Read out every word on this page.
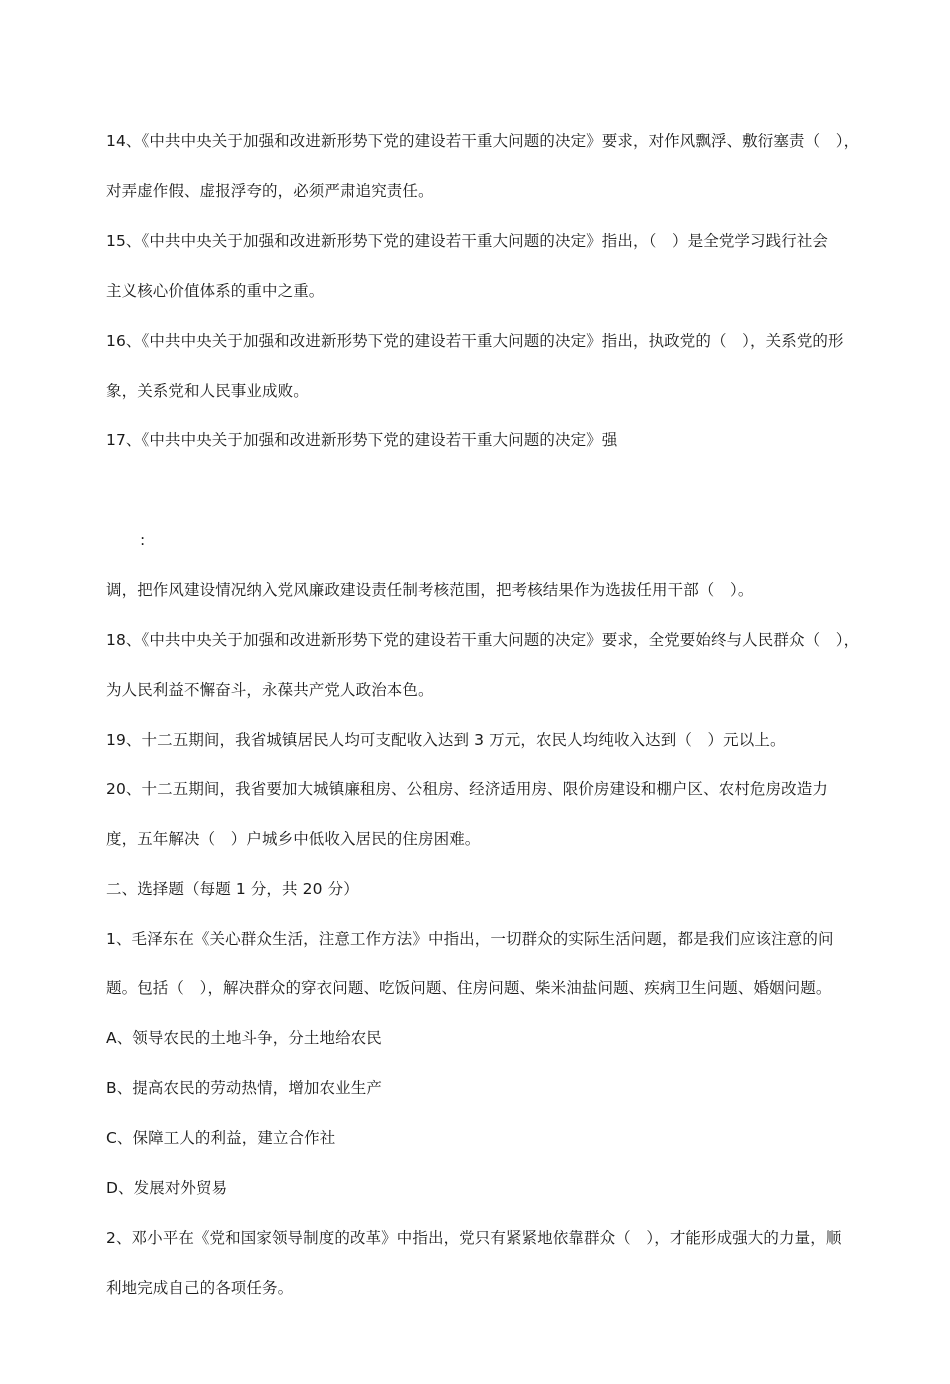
14、《中共中央关于加强和改进新形势下党的建设若干重大问题的决定》要求，对作风飘浮、敷衍塞责（　），
对弄虚作假、虚报浮夸的，必须严肃追究责任。
15、《中共中央关于加强和改进新形势下党的建设若干重大问题的决定》指出，（　）是全党学习践行社会
主义核心价值体系的重中之重。
16、《中共中央关于加强和改进新形势下党的建设若干重大问题的决定》指出，执政党的（　），关系党的形
象，关系党和人民事业成败。
17、《中共中央关于加强和改进新形势下党的建设若干重大问题的决定》强
:
调，把作风建设情况纳入党风廉政建设责任制考核范围，把考核结果作为选拔任用干部（　）。
18、《中共中央关于加强和改进新形势下党的建设若干重大问题的决定》要求，全党要始终与人民群众（　），
为人民利益不懈奋斗，永葆共产党人政治本色。
19、十二五期间，我省城镇居民人均可支配收入达到 3 万元，农民人均纯收入达到（　）元以上。
20、十二五期间，我省要加大城镇廉租房、公租房、经济适用房、限价房建设和棚户区、农村危房改造力
度，五年解决（　）户城乡中低收入居民的住房困难。
二、选择题（每题 1 分，共 20 分）
1、毛泽东在《关心群众生活，注意工作方法》中指出，一切群众的实际生活问题，都是我们应该注意的问
题。包括（　），解决群众的穿衣问题、吃饭问题、住房问题、柴米油盐问题、疾病卫生问题、婚姻问题。
A、领导农民的土地斗争，分土地给农民
B、提高农民的劳动热情，增加农业生产
C、保障工人的利益，建立合作社
D、发展对外贸易
2、邓小平在《党和国家领导制度的改革》中指出，党只有紧紧地依靠群众（　），才能形成强大的力量，顺
利地完成自己的各项任务。
